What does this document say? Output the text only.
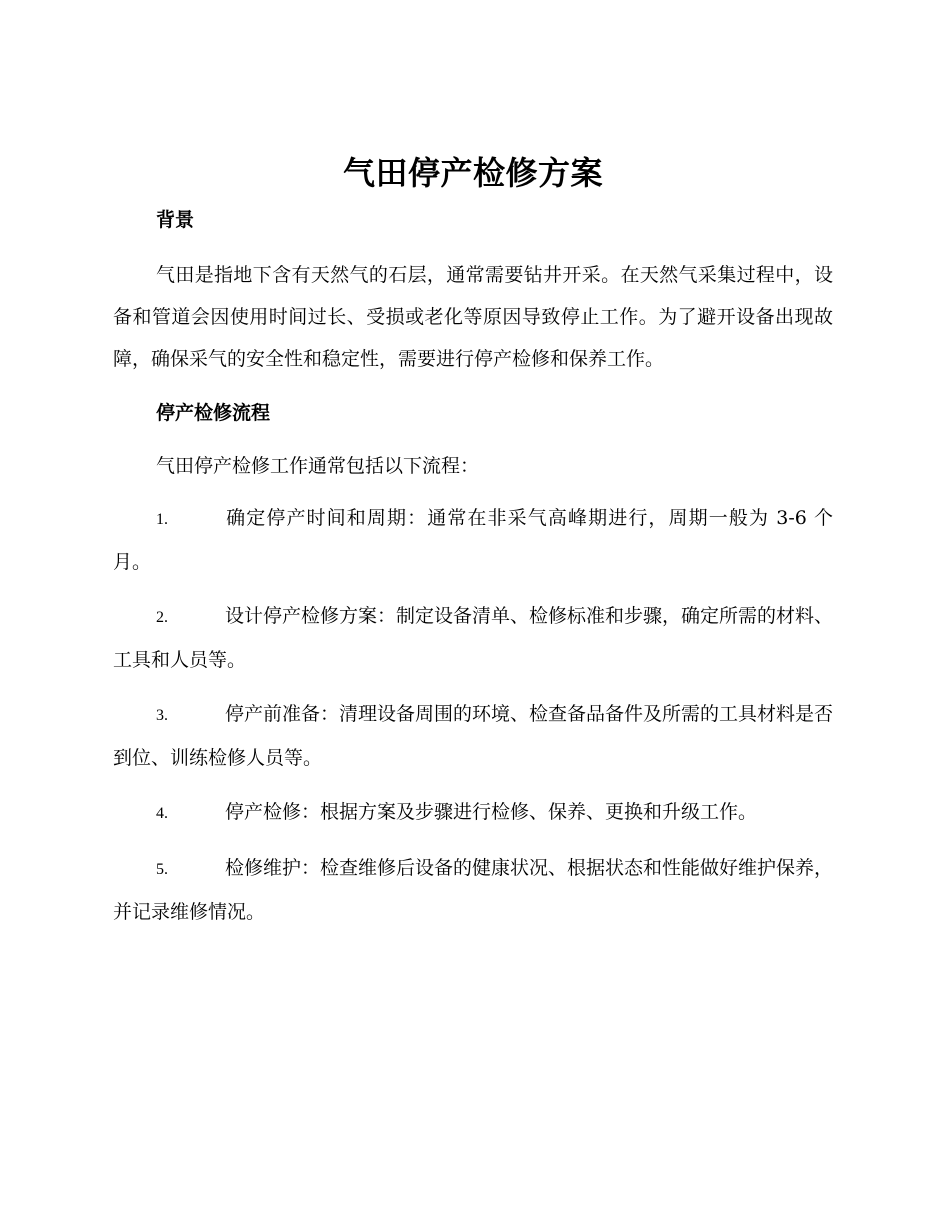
气田停产检修方案
背景

气田是指地下含有天然气的石层，通常需要钻井开采。在天然气采集过程中，设备和管道会因使用时间过长、受损或老化等原因导致停止工作。为了避开设备出现故障，确保采气的安全性和稳定性，需要进行停产检修和保养工作。

停产检修流程

气田停产检修工作通常包括以下流程：

1.	确定停产时间和周期：通常在非采气高峰期进行，周期一般为 3-6 个月。
2.	设计停产检修方案：制定设备清单、检修标准和步骤，确定所需的材料、工具和人员等。
3.	停产前准备：清理设备周围的环境、检查备品备件及所需的工具材料是否到位、训练检修人员等。
4.	停产检修：根据方案及步骤进行检修、保养、更换和升级工作。
5.	检修维护：检查维修后设备的健康状况、根据状态和性能做好维护保养，并记录维修情况。
